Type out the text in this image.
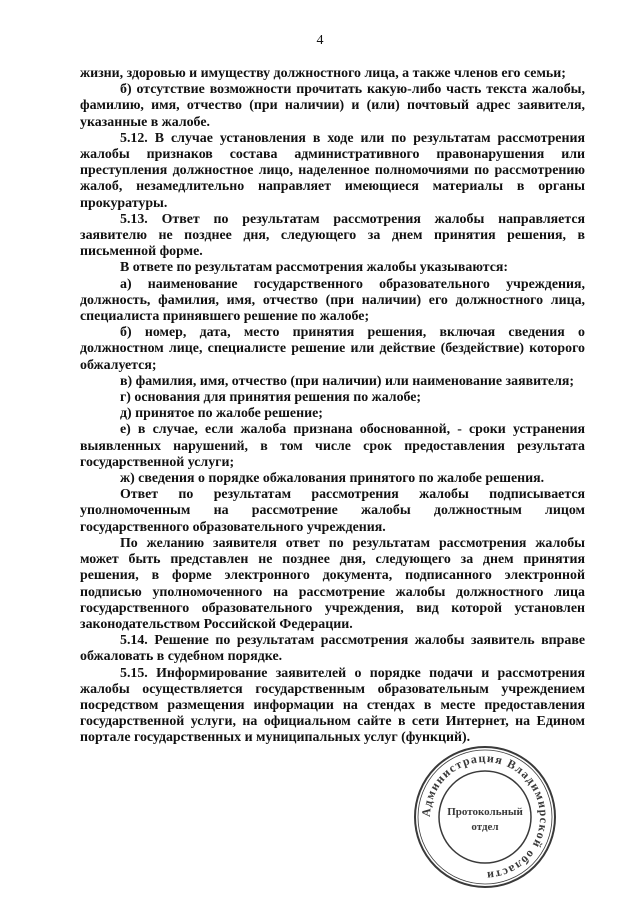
4

жизни, здоровью и имуществу должностного лица, а также членов его семьи;

б) отсутствие возможности прочитать какую-либо часть текста жалобы, фамилию, имя, отчество (при наличии) и (или) почтовый адрес заявителя, указанные в жалобе.

5.12. В случае установления в ходе или по результатам рассмотрения жалобы признаков состава административного правонарушения или преступления должностное лицо, наделенное полномочиями по рассмотрению жалоб, незамедлительно направляет имеющиеся материалы в органы прокуратуры.

5.13. Ответ по результатам рассмотрения жалобы направляется заявителю не позднее дня, следующего за днем принятия решения, в письменной форме.

В ответе по результатам рассмотрения жалобы указываются:

а) наименование государственного образовательного учреждения, должность, фамилия, имя, отчество (при наличии) его должностного лица, специалиста принявшего решение по жалобе;

б) номер, дата, место принятия решения, включая сведения о должностном лице, специалисте решение или действие (бездействие) которого обжалуется;

в) фамилия, имя, отчество (при наличии) или наименование заявителя;

г) основания для принятия решения по жалобе;

д) принятое по жалобе решение;

е) в случае, если жалоба признана обоснованной, - сроки устранения выявленных нарушений, в том числе срок предоставления результата государственной услуги;

ж) сведения о порядке обжалования принятого по жалобе решения.

Ответ по результатам рассмотрения жалобы подписывается уполномоченным на рассмотрение жалобы должностным лицом государственного образовательного учреждения.

По желанию заявителя ответ по результатам рассмотрения жалобы может быть представлен не позднее дня, следующего за днем принятия решения, в форме электронного документа, подписанного электронной подписью уполномоченного на рассмотрение жалобы должностного лица государственного образовательного учреждения, вид которой установлен законодательством Российской Федерации.

5.14. Решение по результатам рассмотрения жалобы заявитель вправе обжаловать в судебном порядке.

5.15. Информирование заявителей о порядке подачи и рассмотрения жалобы осуществляется государственным образовательным учреждением посредством размещения информации на стендах в месте предоставления государственной услуги, на официальном сайте в сети Интернет, на Едином портале государственных и муниципальных услуг (функций).

Администрация Владимирской области
Протокольный
отдел
